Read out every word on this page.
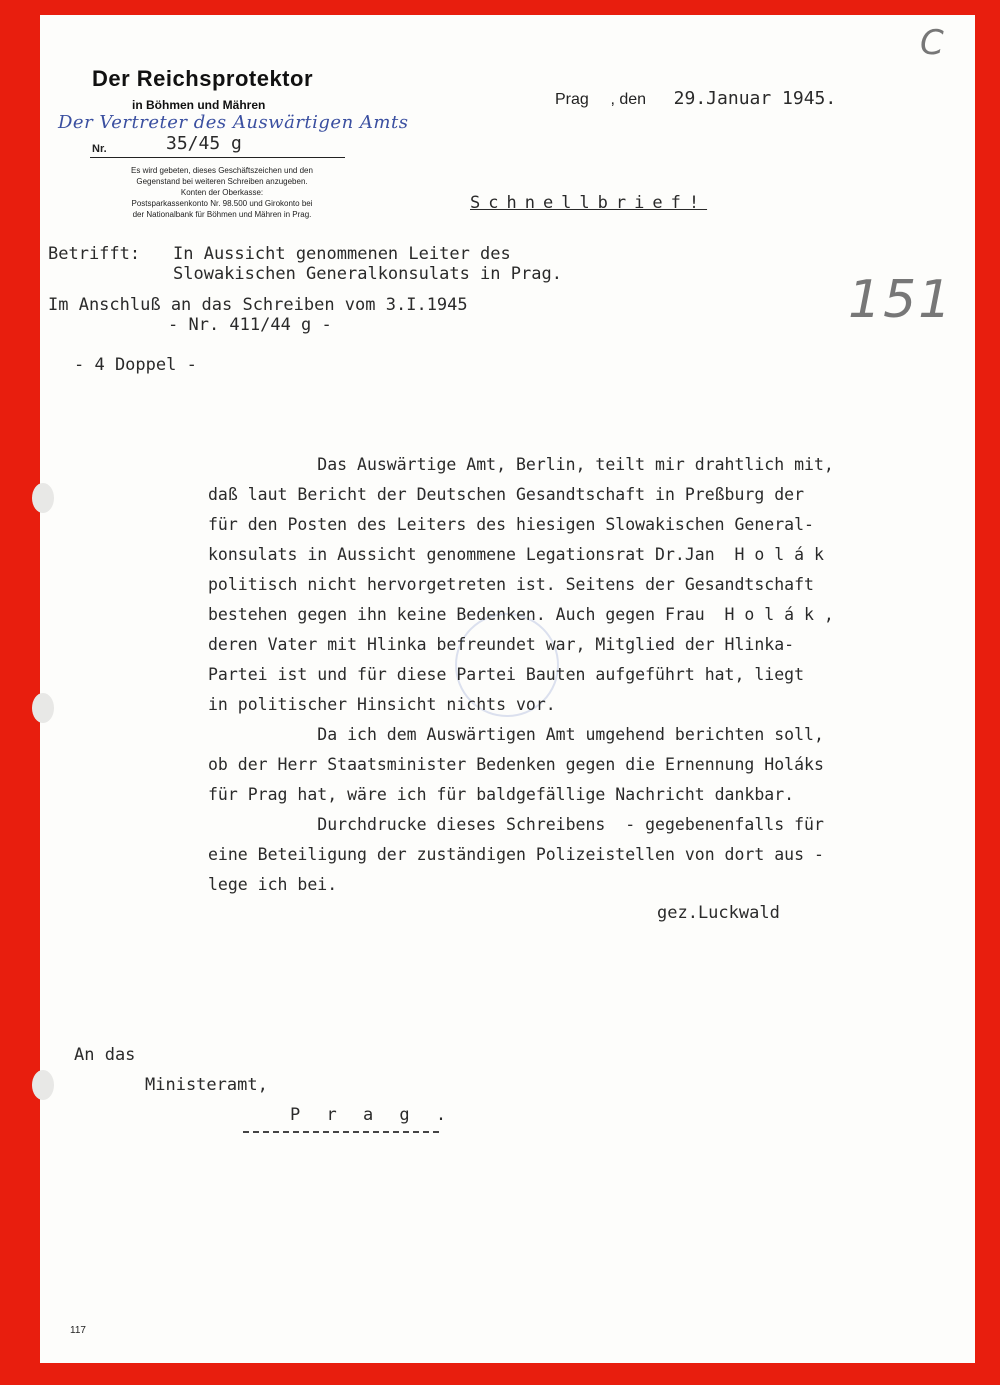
Der Reichsprotektor
in Böhmen und Mähren
Der Vertreter des Auswärtigen Amts
Nr.	35/45 g
Es wird gebeten, dieses Geschäftszeichen und den
Gegenstand bei weiteren Schreiben anzugeben.
Konten der Oberkasse:
Postsparkassenkonto Nr. 98.500 und Girokonto bei
der Nationalbank für Böhmen und Mähren in Prag.
Prag , den 29.Januar 1945.
C
Schnellbrief!
Betrifft: In Aussicht genommenen Leiter des
Slowakischen Generalkonsulats in Prag.
Im Anschluß an das Schreiben vom 3.I.1945
- Nr. 411/44 g -	151
- 4 Doppel -
Das Auswärtige Amt, Berlin, teilt mir drahtlich mit,
daß laut Bericht der Deutschen Gesandtschaft in Preßburg der
für den Posten des Leiters des hiesigen Slowakischen General-
konsulats in Aussicht genommene Legationsrat Dr.Jan  H o l á k
politisch nicht hervorgetreten ist. Seitens der Gesandtschaft
bestehen gegen ihn keine Bedenken. Auch gegen Frau  H o l á k ,
deren Vater mit Hlinka befreundet war, Mitglied der Hlinka-
Partei ist und für diese Partei Bauten aufgeführt hat, liegt
in politischer Hinsicht nichts vor.
Da ich dem Auswärtigen Amt umgehend berichten soll,
ob der Herr Staatsminister Bedenken gegen die Ernennung Holáks
für Prag hat, wäre ich für baldgefällige Nachricht dankbar.
Durchdrucke dieses Schreibens  - gegebenenfalls für
eine Beteiligung der zuständigen Polizeistellen von dort aus -
lege ich bei.
gez.Luckwald
An das
Ministeramt,
P r a g .
117
